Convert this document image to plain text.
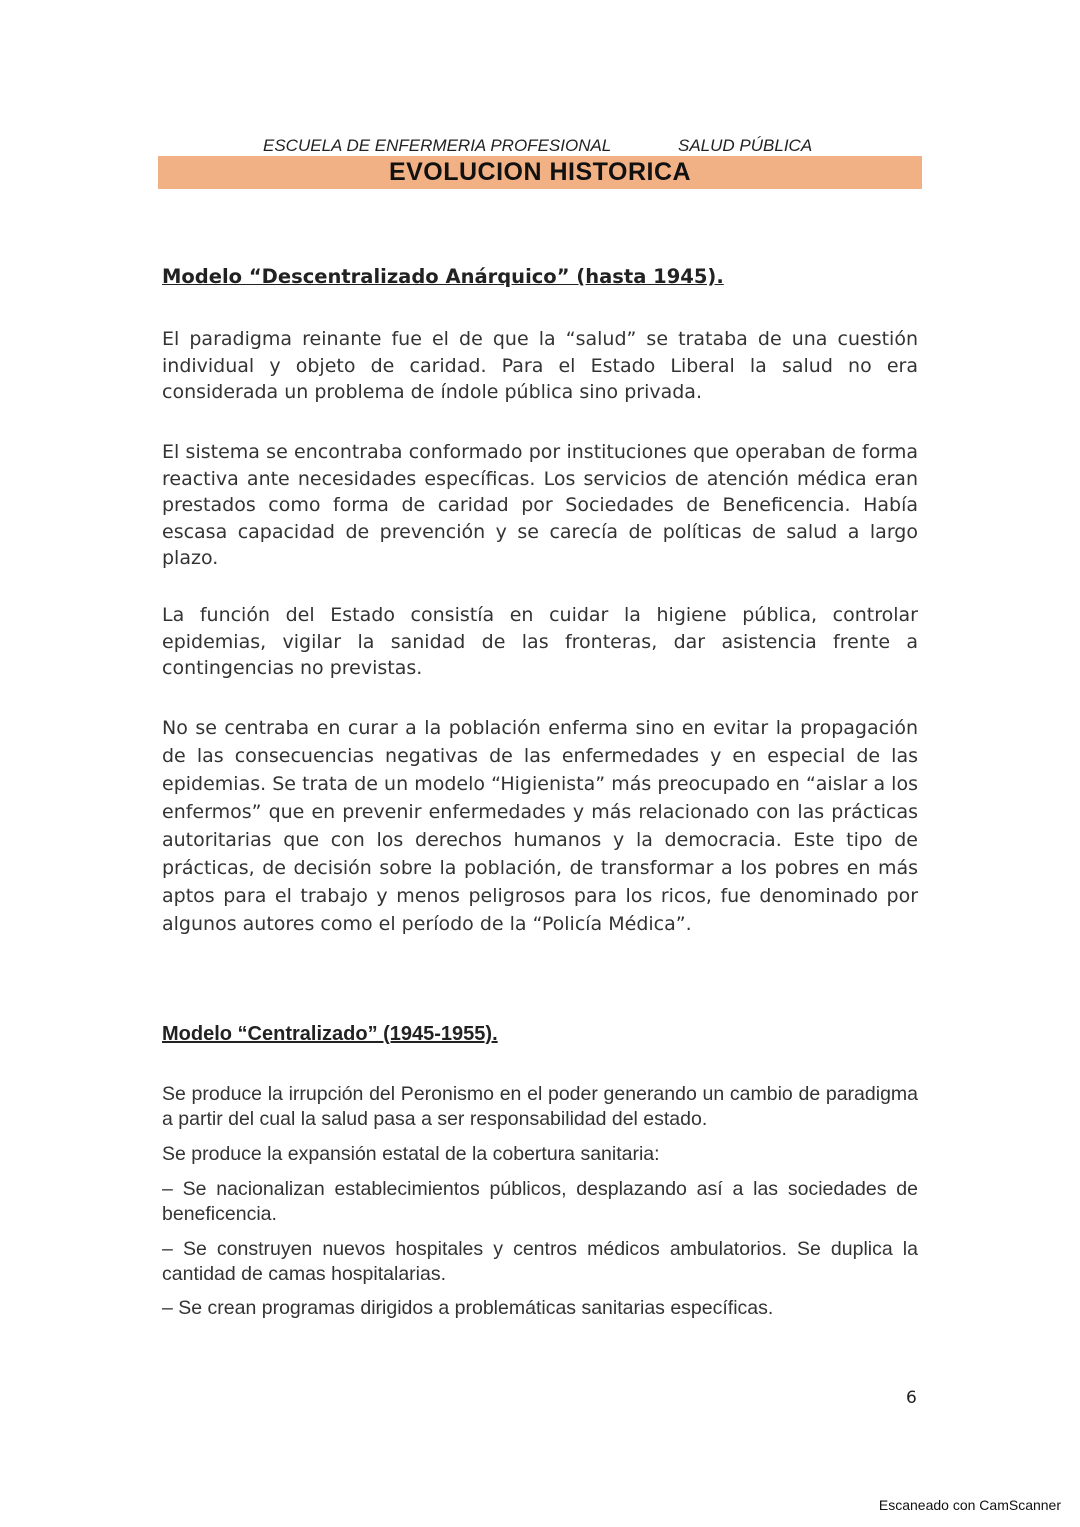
ESCUELA DE ENFERMERIA PROFESIONAL	SALUD PÚBLICA
EVOLUCION HISTORICA
Modelo “Descentralizado Anárquico” (hasta 1945).

El paradigma reinante fue el de que la “salud” se trataba de una cuestión individual y objeto de caridad. Para el Estado Liberal la salud no era considerada un problema de índole pública sino privada.

El sistema se encontraba conformado por instituciones que operaban de forma reactiva ante necesidades específicas. Los servicios de atención médica eran prestados como forma de caridad por Sociedades de Beneficencia. Había escasa capacidad de prevención y se carecía de políticas de salud a largo plazo.

La función del Estado consistía en cuidar la higiene pública, controlar epidemias, vigilar la sanidad de las fronteras, dar asistencia frente a contingencias no previstas.

No se centraba en curar a la población enferma sino en evitar la propagación de las consecuencias negativas de las enfermedades y en especial de las epidemias. Se trata de un modelo “Higienista” más preocupado en “aislar a los enfermos” que en prevenir enfermedades y más relacionado con las prácticas autoritarias que con los derechos humanos y la democracia. Este tipo de prácticas, de decisión sobre la población, de transformar a los pobres en más aptos para el trabajo y menos peligrosos para los ricos, fue denominado por algunos autores como el período de la “Policía Médica”.

Modelo “Centralizado” (1945-1955).

Se produce la irrupción del Peronismo en el poder generando un cambio de paradigma a partir del cual la salud pasa a ser responsabilidad del estado.

Se produce la expansión estatal de la cobertura sanitaria:

– Se nacionalizan establecimientos públicos, desplazando así a las sociedades de beneficencia.

– Se construyen nuevos hospitales y centros médicos ambulatorios. Se duplica la cantidad de camas hospitalarias.

– Se crean programas dirigidos a problemáticas sanitarias específicas.

6
Escaneado con CamScanner
